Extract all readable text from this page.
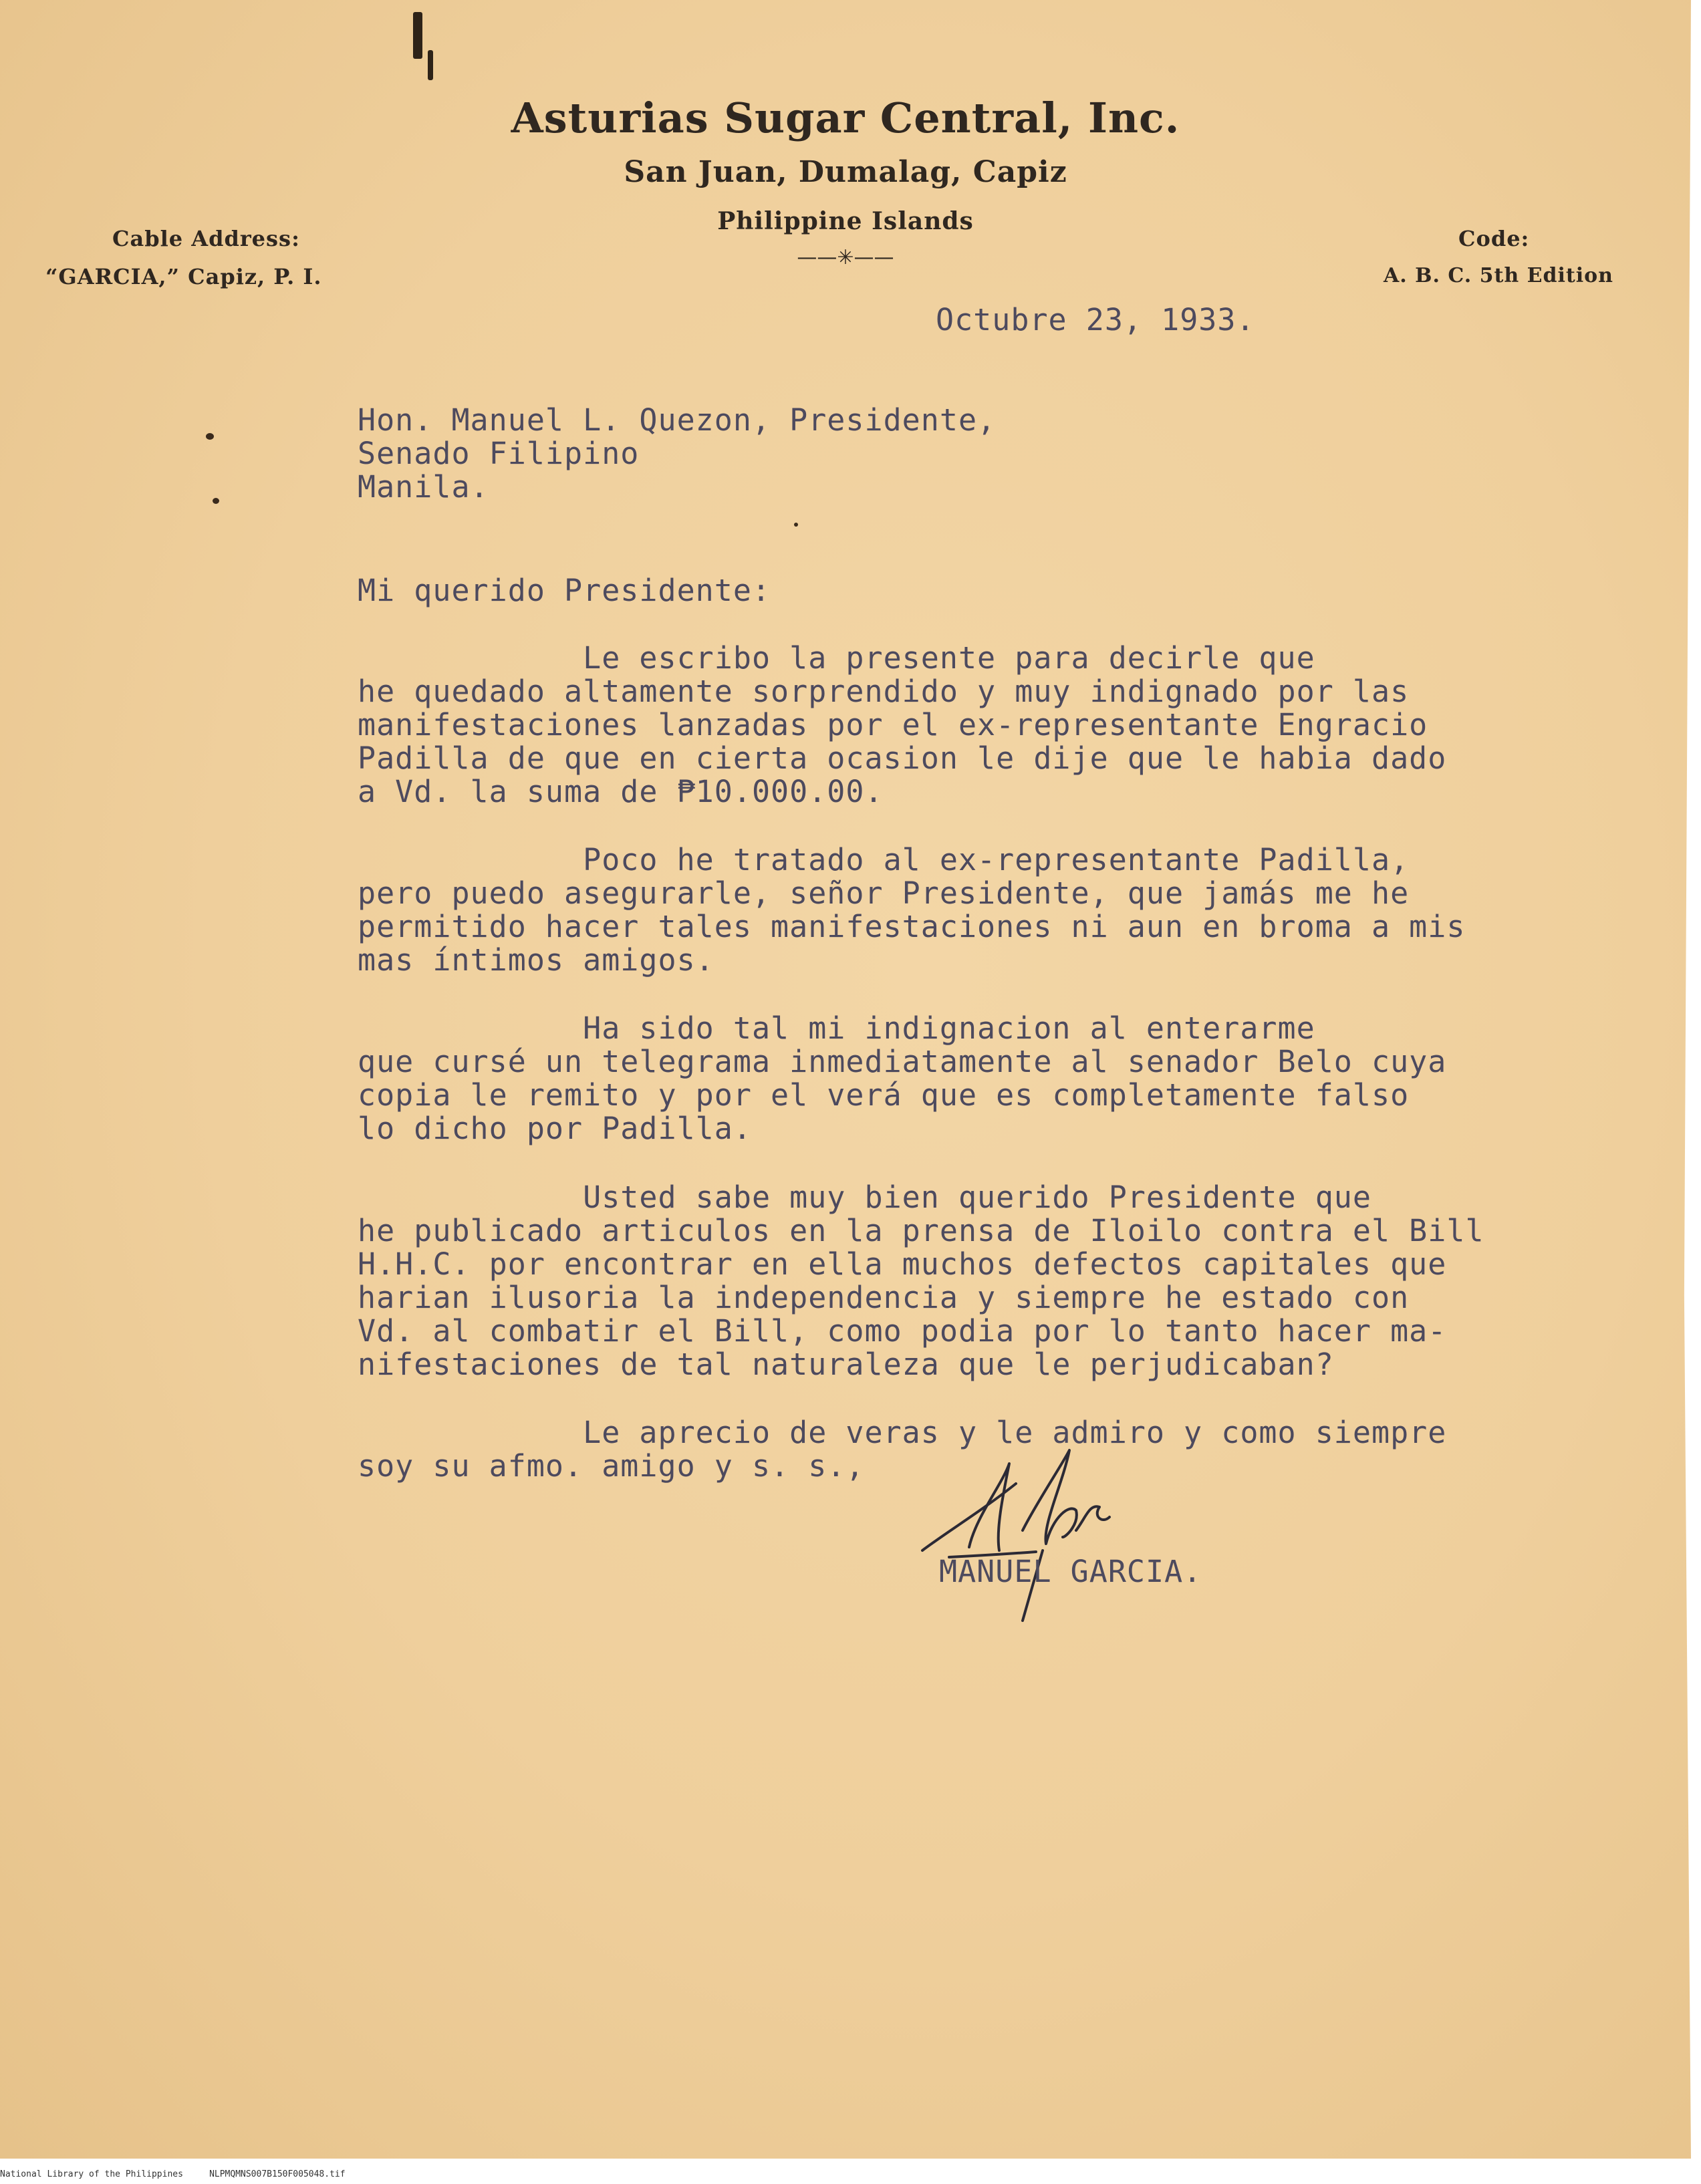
Asturias Sugar Central, Inc.
San Juan, Dumalag, Capiz
Philippine Islands
——✳——
Cable Address:
“GARCIA,” Capiz, P. I.
Code:
A. B. C. 5th Edition
Octubre 23, 1933.
Hon. Manuel L. Quezon, Presidente,
Senado Filipino
Manila.
Mi querido Presidente:
Le escribo la presente para decirle que
he quedado altamente sorprendido y muy indignado por las
manifestaciones lanzadas por el ex-representante Engracio
Padilla de que en cierta ocasion le dije que le habia dado
a Vd. la suma de ₱10.000.00.
Poco he tratado al ex-representante Padilla,
pero puedo asegurarle, señor Presidente, que jamás me he
permitido hacer tales manifestaciones ni aun en broma a mis
mas íntimos amigos.
Ha sido tal mi indignacion al enterarme
que cursé un telegrama inmediatamente al senador Belo cuya
copia le remito y por el verá que es completamente falso
lo dicho por Padilla.
Usted sabe muy bien querido Presidente que
he publicado articulos en la prensa de Iloilo contra el Bill
H.H.C. por encontrar en ella muchos defectos capitales que
harian ilusoria la independencia y siempre he estado con
Vd. al combatir el Bill, como podia por lo tanto hacer ma-
nifestaciones de tal naturaleza que le perjudicaban?
Le aprecio de veras y le admiro y como siempre
soy su afmo. amigo y s. s.,
MANUEL GARCIA.
National Library of the Philippines     NLPMQMNS007B150F005048.tif
